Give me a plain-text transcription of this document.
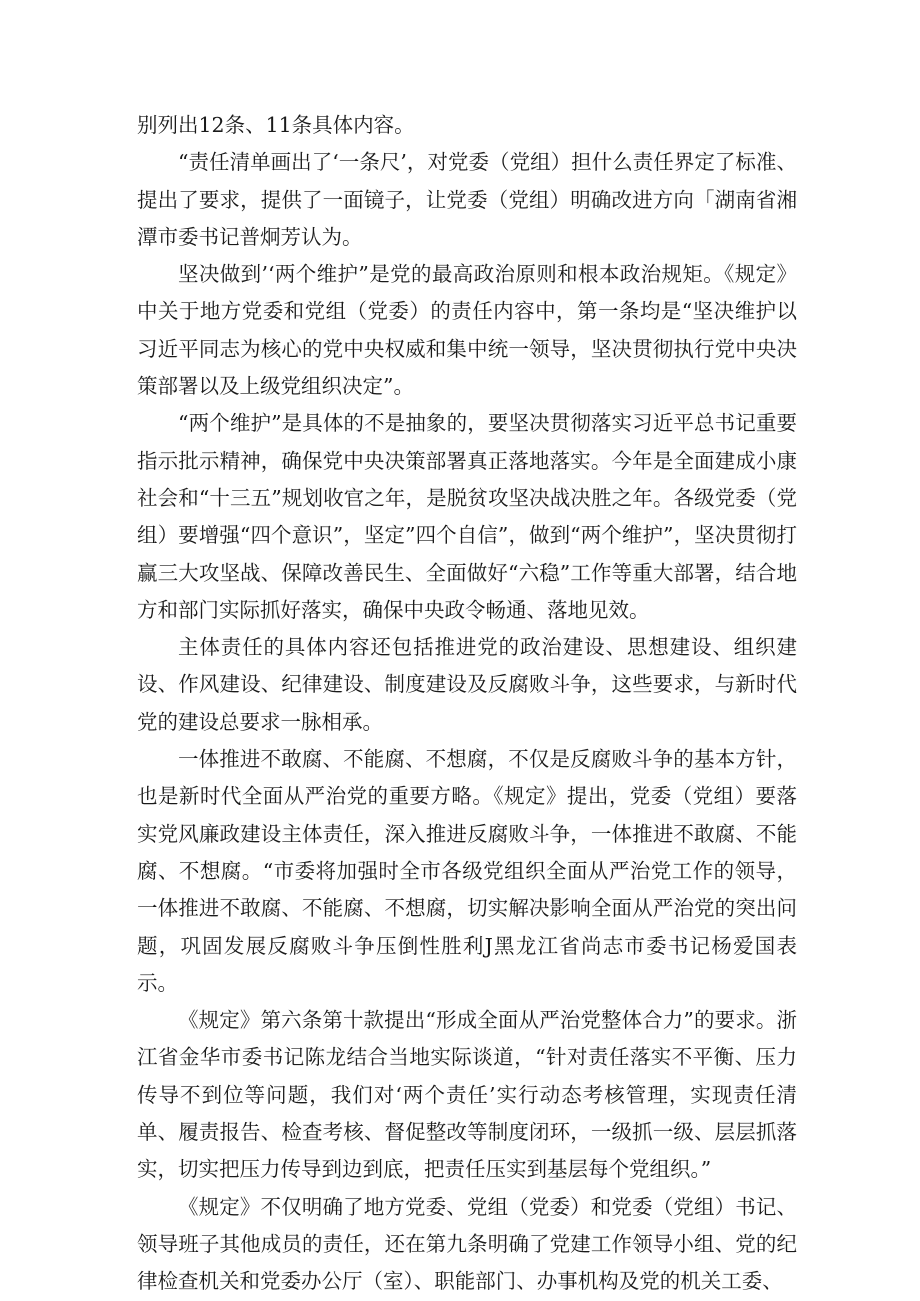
别列出12条、11条具体内容。

“责任清单画出了‘一条尺’，对党委（党组）担什么责任界定了标准、提出了要求，提供了一面镜子，让党委（党组）明确改进方向「湖南省湘潭市委书记普炯芳认为。

坚决做到’‘两个维护”是党的最高政治原则和根本政治规矩。《规定》中关于地方党委和党组（党委）的责任内容中，第一条均是“坚决维护以习近平同志为核心的党中央权威和集中统一领导，坚决贯彻执行党中央决策部署以及上级党组织决定”。

“两个维护”是具体的不是抽象的，要坚决贯彻落实习近平总书记重要指示批示精神，确保党中央决策部署真正落地落实。今年是全面建成小康社会和“十三五”规划收官之年，是脱贫攻坚决战决胜之年。各级党委（党组）要增强“四个意识”，坚定”四个自信”，做到“两个维护”，坚决贯彻打赢三大攻坚战、保障改善民生、全面做好“六稳”工作等重大部署，结合地方和部门实际抓好落实，确保中央政令畅通、落地见效。

主体责任的具体内容还包括推进党的政治建设、思想建设、组织建设、作风建设、纪律建设、制度建设及反腐败斗争，这些要求，与新时代党的建设总要求一脉相承。

一体推进不敢腐、不能腐、不想腐，不仅是反腐败斗争的基本方针，也是新时代全面从严治党的重要方略。《规定》提出，党委（党组）要落实党风廉政建设主体责任，深入推进反腐败斗争，一体推进不敢腐、不能腐、不想腐。“市委将加强时全市各级党组织全面从严治党工作的领导，一体推进不敢腐、不能腐、不想腐，切实解决影响全面从严治党的突出问题，巩固发展反腐败斗争压倒性胜利J黑龙江省尚志市委书记杨爱国表示。

《规定》第六条第十款提出“形成全面从严治党整体合力”的要求。浙江省金华市委书记陈龙结合当地实际谈道，“针对责任落实不平衡、压力传导不到位等问题，我们对‘两个责任’实行动态考核管理，实现责任清单、履责报告、检查考核、督促整改等制度闭环，一级抓一级、层层抓落实，切实把压力传导到边到底，把责任压实到基层每个党组织。”

《规定》不仅明确了地方党委、党组（党委）和党委（党组）书记、领导班子其他成员的责任，还在第九条明确了党建工作领导小组、党的纪律检查机关和党委办公厅（室）、职能部门、办事机构及党的机关工委、
